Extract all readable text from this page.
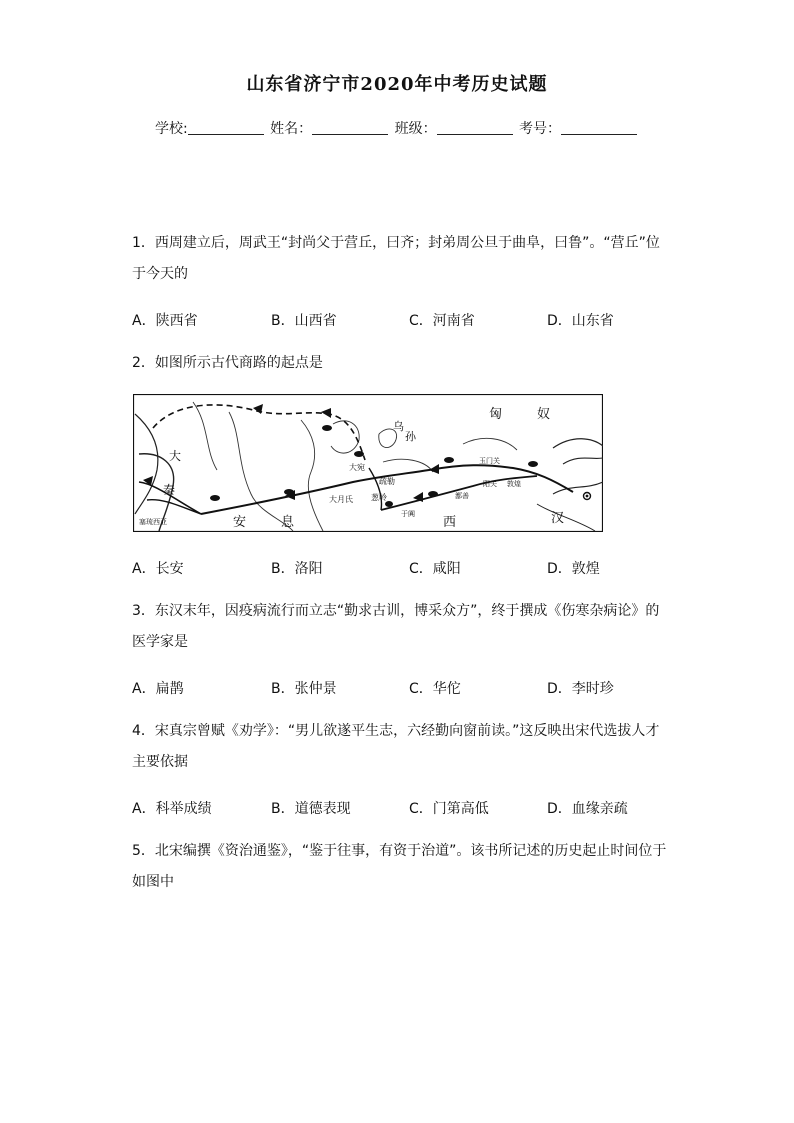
山东省济宁市2020年中考历史试题
学校:	姓名：	班级：	考号：
1．西周建立后，周武王“封尚父于营丘，曰齐；封弟周公旦于曲阜，曰鲁”。“营丘”位于今天的
A．陕西省	B．山西省	C．河南省	D．山东省
2．如图所示古代商路的起点是
匈	奴
乌
孙
大宛
疏勒
玉门关
阳关 敦煌
大月氏 葱岭	鄯善
于阗
大
秦
塞琉西亚	安	息	西	汉
A．长安	B．洛阳	C．咸阳	D．敦煌
3．东汉末年，因疫病流行而立志“勤求古训，博采众方”，终于撰成《伤寒杂病论》的医学家是
A．扁鹊	B．张仲景	C．华佗	D．李时珍
4．宋真宗曾赋《劝学》：“男儿欲遂平生志，六经勤向窗前读。”这反映出宋代选拔人才主要依据
A．科举成绩	B．道德表现	C．门第高低	D．血缘亲疏
5．北宋编撰《资治通鉴》，“鉴于往事，有资于治道”。该书所记述的历史起止时间位于如图中
